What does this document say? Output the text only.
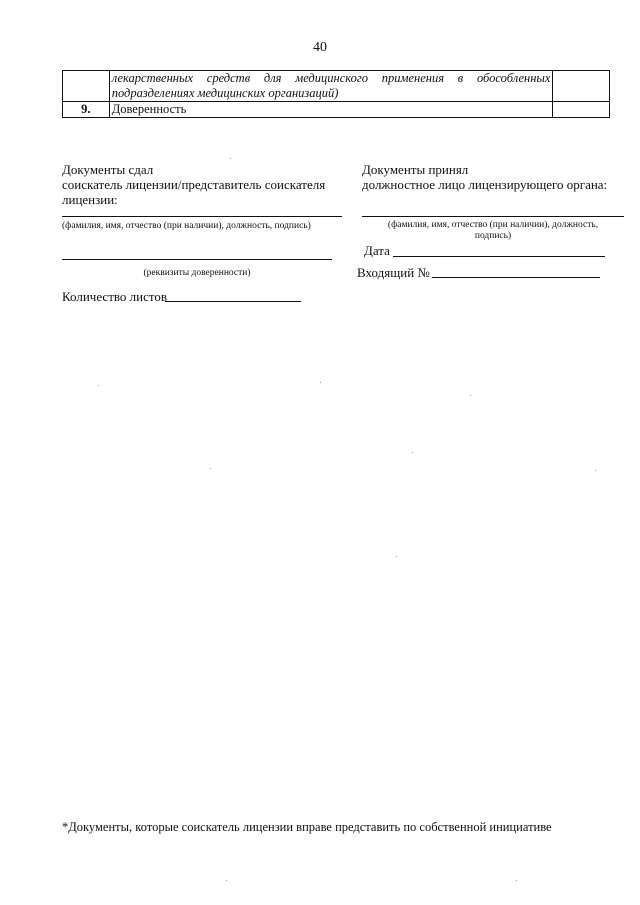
40

	лекарственных средств для медицинского применения в обособленных
подразделениях медицинских организаций)	

9.	Доверенность	
Документы сдал
соискатель лицензии/представитель соискателя
лицензии:
(фамилия, имя, отчество (при наличии), должность, подпись)
(реквизиты доверенности)
Количество листов
Документы принял
должностное лицо лицензирующего органа:
(фамилия, имя, отчество (при наличии), должность,
подпись)
Дата
Входящий №
*Документы, которые соискатель лицензии вправе представить по собственной инициативе
